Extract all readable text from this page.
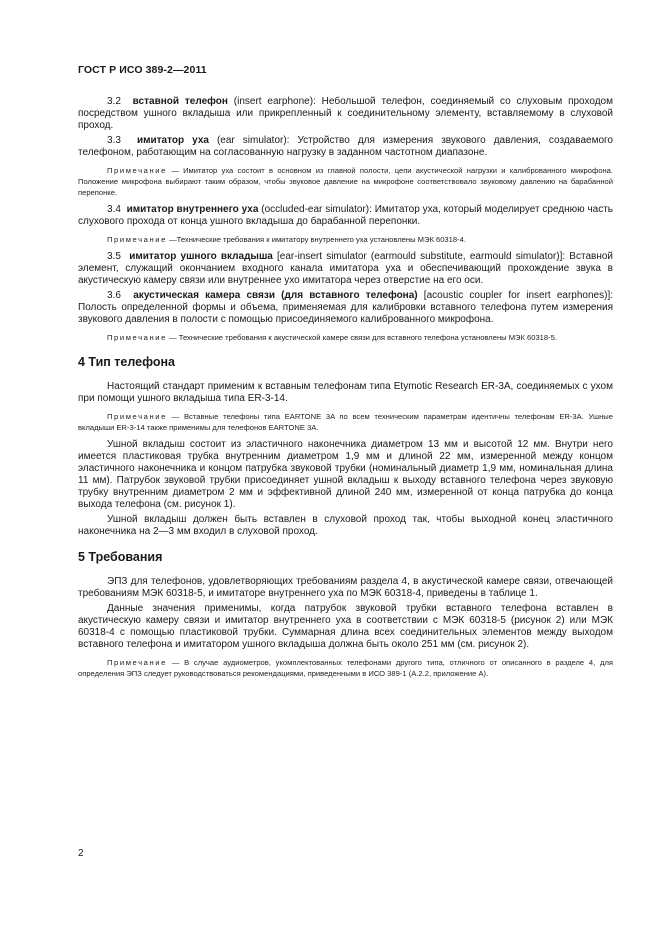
ГОСТ Р ИСО 389-2—2011

3.2 вставной телефон (insert earphone): Небольшой телефон, соединяемый со слуховым проходом посредством ушного вкладыша или прикрепленный к соединительному элементу, вставляемому в слуховой проход.

3.3 имитатор уха (ear simulator): Устройство для измерения звукового давления, создаваемого телефоном, работающим на согласованную нагрузку в заданном частотном диапазоне.

Примечание — Имитатор уха состоит в основном из главной полости, цепи акустической нагрузки и калиброванного микрофона. Положение микрофона выбирают таким образом, чтобы звуковое давление на микрофоне соответствовало звуковому давлению на барабанной перепонке.

3.4 имитатор внутреннего уха (occluded-ear simulator): Имитатор уха, который моделирует среднюю часть слухового прохода от конца ушного вкладыша до барабанной перепонки.

Примечание —Технические требования к имитатору внутреннего уха установлены МЭК 60318-4.

3.5 имитатор ушного вкладыша [ear-insert simulator (earmould substitute, earmould simulator)]: Вставной элемент, служащий окончанием входного канала имитатора уха и обеспечивающий прохождение звука в акустическую камеру связи или внутреннее ухо имитатора через отверстие на его оси.

3.6 акустическая камера связи (для вставного телефона) [acoustic coupler for insert earphones)]: Полость определенной формы и объема, применяемая для калибровки вставного телефона путем измерения звукового давления в полости с помощью присоединяемого калиброванного микрофона.

Примечание — Технические требования к акустической камере связи для вставного телефона установлены МЭК 60318-5.

4 Тип телефона

Настоящий стандарт применим к вставным телефонам типа Etymotic Research ER-3A, соединяемых с ухом при помощи ушного вкладыша типа ER-3-14.

Примечание — Вставные телефоны типа EARTONE 3A по всем техническим параметрам идентичны телефонам ER-3A. Ушные вкладыши ER-3-14 также применимы для телефонов EARTONE 3A.

Ушной вкладыш состоит из эластичного наконечника диаметром 13 мм и высотой 12 мм. Внутри него имеется пластиковая трубка внутренним диаметром 1,9 мм и длиной 22 мм, измеренной между концом эластичного наконечника и концом патрубка звуковой трубки (номинальный диаметр 1,9 мм, номинальная длина 11 мм). Патрубок звуковой трубки присоединяет ушной вкладыш к выходу вставного телефона через звуковую трубку внутренним диаметром 2 мм и эффективной длиной 240 мм, измеренной от конца патрубка до конца выхода телефона (см. рисунок 1).

Ушной вкладыш должен быть вставлен в слуховой проход так, чтобы выходной конец эластичного наконечника на 2—3 мм входил в слуховой проход.

5 Требования

ЭПЗ для телефонов, удовлетворяющих требованиям раздела 4, в акустической камере связи, отвечающей требованиям МЭК 60318-5, и имитаторе внутреннего уха по МЭК 60318-4, приведены в таблице 1.

Данные значения применимы, когда патрубок звуковой трубки вставного телефона вставлен в акустическую камеру связи и имитатор внутреннего уха в соответствии с МЭК 60318-5 (рисунок 2) или МЭК 60318-4 с помощью пластиковой трубки. Суммарная длина всех соединительных элементов между выходом вставного телефона и имитатором ушного вкладыша должна быть около 251 мм (см. рисунок 2).

Примечание — В случае аудиометров, укомплектованных телефонами другого типа, отличного от описанного в разделе 4, для определения ЭПЗ следует руководствоваться рекомендациями, приведенными в ИСО 389-1 (А.2.2, приложение А).

2
